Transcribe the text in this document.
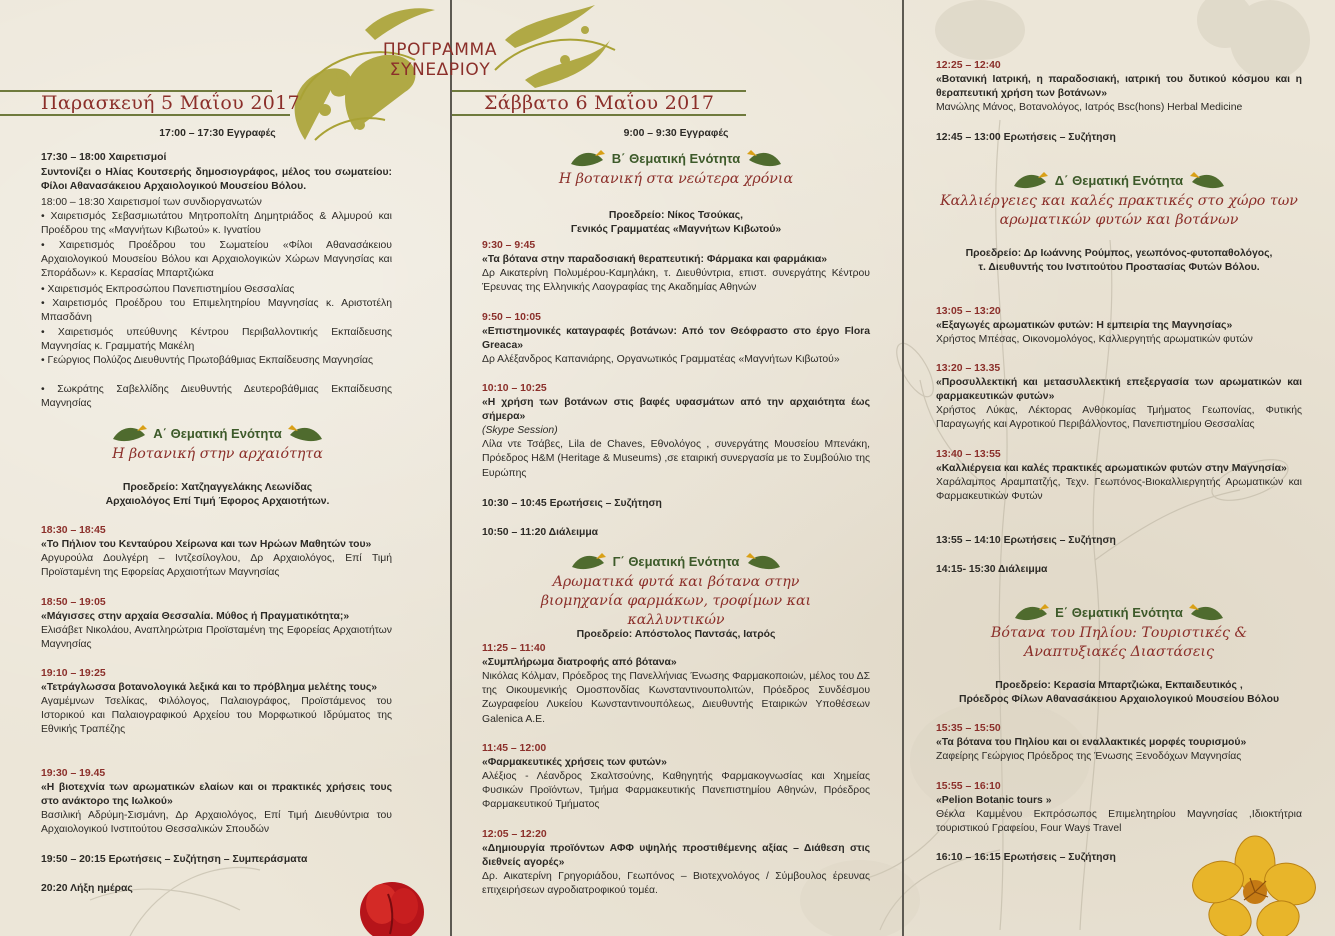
ΠΡΟΓΡΑΜΜΑ ΣΥΝΕΔΡΙΟΥ
Παρασκευή 5 Μαΐου 2017
17:00 – 17:30 Εγγραφές
17:30 – 18:00 Χαιρετισμοί
Συντονίζει ο Ηλίας Κουτσερής δημοσιογράφος, μέλος του σωματείου: Φίλοι Αθανασάκειου Αρχαιολογικού Μουσείου Βόλου.
18:00 – 18:30 Χαιρετισμοί των συνδιοργανωτών
• Χαιρετισμός Σεβασμιωτάτου Μητροπολίτη Δημητριάδος & Αλμυρού και Προέδρου της «Μαγνήτων Κιβωτού» κ. Ιγνατίου
• Χαιρετισμός Προέδρου του Σωματείου «Φίλοι Αθανασάκειου Αρχαιολογικού Μουσείου Βόλου και Αρχαιολογικών Χώρων Μαγνησίας και Σποράδων» κ. Κερασίας Μπαρτζιώκα
• Χαιρετισμός Εκπροσώπου Πανεπιστημίου Θεσσαλίας
• Χαιρετισμός Προέδρου του Επιμελητηρίου Μαγνησίας κ. Αριστοτέλη Μπασδάνη
• Χαιρετισμός υπεύθυνης Κέντρου Περιβαλλοντικής Εκπαίδευσης Μαγνησίας κ. Γραμματής Μακέλη
• Γεώργιος Πολύζος Διευθυντής Πρωτοβάθμιας Εκπαίδευσης Μαγνησίας
• Σωκράτης Σαβελλίδης Διευθυντής Δευτεροβάθμιας Εκπαίδευσης Μαγνησίας
Α΄ Θεματική Ενότητα
Η βοτανική στην αρχαιότητα
Προεδρείο: Χατζηαγγελάκης Λεωνίδας
Αρχαιολόγος Επί Τιμή Έφορος Αρχαιοτήτων.
18:30 – 18:45
«Το Πήλιον του Κενταύρου Χείρωνα και των Ηρώων Μαθητών του»
Αργυρούλα Δουλγέρη – Ιντζεσίλογλου, Δρ Αρχαιολόγος, Επί Τιμή Προϊσταμένη της Εφορείας Αρχαιοτήτων Μαγνησίας
18:50 – 19:05
«Μάγισσες στην αρχαία Θεσσαλία. Μύθος ή Πραγματικότητα;»
Ελισάβετ Νικολάου, Αναπληρώτρια Προϊσταμένη της Εφορείας Αρχαιοτήτων Μαγνησίας
19:10 – 19:25
«Τετράγλωσσα βοτανολογικά λεξικά και το πρόβλημα μελέτης τους»
Αγαμέμνων Τσελίκας, Φιλόλογος, Παλαιογράφος, Προϊστάμενος του Ιστορικού και Παλαιογραφικού Αρχείου του Μορφωτικού Ιδρύματος της Εθνικής Τραπέζης
19:30 – 19.45
«Η βιοτεχνία των αρωματικών ελαίων και οι πρακτικές χρήσεις τους στο ανάκτορο της Ιωλκού»
Βασιλική Αδρύμη-Σισμάνη, Δρ Αρχαιολόγος, Επί Τιμή Διευθύντρια του Αρχαιολογικού Ινστιτούτου Θεσσαλικών Σπουδών
19:50 – 20:15 Ερωτήσεις – Συζήτηση – Συμπεράσματα
20:20 Λήξη ημέρας
Σάββατο 6 Μαΐου 2017
9:00 – 9:30 Εγγραφές
Β΄ Θεματική Ενότητα
Η βοτανική στα νεώτερα χρόνια
Προεδρείο: Νίκος Τσούκας,
Γενικός Γραμματέας «Μαγνήτων Κιβωτού»
9:30 – 9:45
«Τα βότανα στην παραδοσιακή θεραπευτική: Φάρμακα και φαρμάκια»
Δρ Αικατερίνη Πολυμέρου-Καμηλάκη, τ. Διευθύντρια, επιστ. συνεργάτης Κέντρου Έρευνας της Ελληνικής Λαογραφίας της Ακαδημίας Αθηνών
9:50 – 10:05
«Επιστημονικές καταγραφές βοτάνων: Από τον Θεόφραστο στο έργο Flora Greaca»
Δρ Αλέξανδρος Καπανιάρης, Οργανωτικός Γραμματέας «Μαγνήτων Κιβωτού»
10:10 – 10:25
«Η χρήση των βοτάνων στις βαφές υφασμάτων από την αρχαιότητα έως σήμερα»
(Skype Session)
Λίλα ντε Τσάβες, Lila de Chaves, Εθνολόγος , συνεργάτης Μουσείου Μπενάκη, Πρόεδρος H&M (Heritage & Museums) ,σε εταιρική συνεργασία με το Συμβούλιο της Ευρώπης
10:30 – 10:45 Ερωτήσεις – Συζήτηση
10:50 – 11:20 Διάλειμμα
Γ΄ Θεματική Ενότητα
Αρωματικά φυτά και βότανα στην βιομηχανία φαρμάκων, τροφίμων και καλλυντικών
Προεδρείο: Απόστολος Παντσάς, Ιατρός
11:25 – 11:40
«Συμπλήρωμα διατροφής από βότανα»
Νικόλας Κόλμαν, Πρόεδρος της Πανελλήνιας Ένωσης Φαρμακοποιών, μέλος του ΔΣ της Οικουμενικής Ομοσπονδίας Κωνσταντινουπολιτών, Πρόεδρος Συνδέσμου Ζωγραφείου Λυκείου Κωνσταντινουπόλεως, Διευθυντής Εταιρικών Υποθέσεων Galenica A.E.
11:45 – 12:00
«Φαρμακευτικές χρήσεις των φυτών»
Αλέξιος - Λέανδρος Σκαλτσούνης, Καθηγητής Φαρμακογνωσίας και Χημείας Φυσικών Προϊόντων, Τμήμα Φαρμακευτικής Πανεπιστημίου Αθηνών, Πρόεδρος Φαρμακευτικού Τμήματος
12:05 – 12:20
«Δημιουργία προϊόντων ΑΦΦ υψηλής προστιθέμενης αξίας – Διάθεση στις διεθνείς αγορές»
Δρ. Αικατερίνη Γρηγοριάδου, Γεωπόνος – Βιοτεχνολόγος / Σύμβουλος έρευνας επιχειρήσεων αγροδιατροφικού τομέα.
12:25 – 12:40
«Βοτανική Ιατρική, η παραδοσιακή, ιατρική του δυτικού κόσμου και η θεραπευτική χρήση των βοτάνων»
Μανώλης Μάνος, Βοτανολόγος, Ιατρός Bsc(hons) Herbal Medicine
12:45 – 13:00 Ερωτήσεις – Συζήτηση
Δ΄ Θεματική Ενότητα
Καλλιέργειες και καλές πρακτικές στο χώρο των αρωματικών φυτών και βοτάνων
Προεδρείο: Δρ Ιωάννης Ρούμπος, γεωπόνος-φυτοπαθολόγος,
τ. Διευθυντής του Ινστιτούτου Προστασίας Φυτών Βόλου.
13:05 – 13:20
«Εξαγωγές αρωματικών φυτών: Η εμπειρία της Μαγνησίας»
Χρήστος Μπέσας, Οικονομολόγος, Καλλιεργητής αρωματικών φυτών
13:20 – 13.35
«Προσυλλεκτική και μετασυλλεκτική επεξεργασία των αρωματικών και φαρμακευτικών φυτών»
Χρήστος Λύκας, Λέκτορας Ανθοκομίας Τμήματος Γεωπονίας, Φυτικής Παραγωγής και Αγροτικού Περιβάλλοντος, Πανεπιστημίου Θεσσαλίας
13:40 – 13:55
«Καλλιέργεια και καλές πρακτικές αρωματικών φυτών στην Μαγνησία»
Χαράλαμπος Αραμπατζής, Τεχν. Γεωπόνος-Βιοκαλλιεργητής Αρωματικών και Φαρμακευτικών Φυτών
13:55 – 14:10 Ερωτήσεις – Συζήτηση
14:15- 15:30 Διάλειμμα
Ε΄ Θεματική Ενότητα
Βότανα του Πηλίου: Τουριστικές & Αναπτυξιακές Διαστάσεις
Προεδρείο: Κερασία Μπαρτζιώκα, Εκπαιδευτικός ,
Πρόεδρος Φίλων Αθανασάκειου Αρχαιολογικού Μουσείου Βόλου
15:35 – 15:50
«Τα βότανα του Πηλίου και οι εναλλακτικές μορφές τουρισμού»
Ζαφείρης Γεώργιος Πρόεδρος της Ένωσης Ξενοδόχων Μαγνησίας
15:55 – 16:10
«Pelion Botanic tours »
Θέκλα Καμμένου Εκπρόσωπος Επιμελητηρίου Μαγνησίας ,Ιδιοκτήτρια τουριστικού Γραφείου, Four Ways Travel
16:10 – 16:15 Ερωτήσεις – Συζήτηση
